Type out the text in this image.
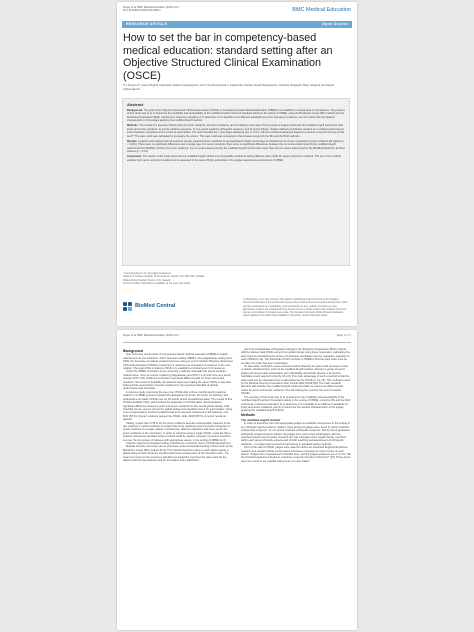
Dwyer et al. BMC Medical Education (2016) 16:1
DOI 10.1186/s12909-015-0506-z	BMC Medical Education
RESEARCH ARTICLE	Open Access
How to set the bar in competency-based medical education: standard setting after an Objective Structured Clinical Examination (OSCE)
Tim Dwyer1,2*, Sarah Wright3, Kulamakan Mahan Kulasegaram4, John Theodoropoulos1,2, Jaskarndip Chahal1, David Wasserstein1, Charlotte Ringsted4, Brian Hodges3 and Darrell Ogilvie-Harris1
Abstract
Background: The goal of the Objective Structured Clinical Examination (OSCE) in Competency-based Medical Education (CBME) is to establish a minimal level of competence. The purpose of this study was to 1) to determine the credibility and acceptability of the modified Angoff method of standard setting in the setting of CBME, using the Borderline Group (BG) method and the Borderline Regression (BLR) method as a reference standard; 2) to determine if it is feasible to set different standards for junior and senior residents, and 3) to determine the desired characteristics of the judges applying the modified Angoff method.
Methods: The results of a previous OSCE study (21 junior residents, 18 senior residents, and six fellows) were used. Three groups of judges performed the modified Angoff method for both junior and senior residents: 1) sports medicine surgeons, 2) non-sports medicine orthopedic surgeons, and 3) sports fellows. Judges defined a borderline resident as a resident performing at a level between competent and a novice at each station. For each checklist item, the judges answered yes or no for "will the borderline/advanced beginner examinee respond correctly to this item?" The pass mark was calculated by averaging the scores. This pass mark was compared to that created using both the BG and the BLR methods.
Results: A paired t-test showed that all examiner groups expected senior residents to get significantly higher percentage of checklist items correct compared to junior residents (all stations p < 0.001). There were no significant differences due to judge type. For senior residents, there were no significant differences between the cut scores determined by the modified Angoff method and the BG/BLR method. For junior residents, the cut scores determined by the modified Angoff method were lower than the cut scores determined by the BG/BLR Method in all three stations (p < 0.01).
Conclusion: The results of this study show that the modified Angoff method is an acceptable method of setting different pass marks for senior and junior residents. The use of this method enables both senior and junior residents to be assessed in the same OSCE, preferable in the regular assessment environment of CBME.
* Correspondence: tim.dwyer@wchospital.ca
1Women's College Hospital, 76 Grenville St, Toronto, ON, M5S 1B2, Canada
2Mount Sinai Hospital, Toronto, ON, Canada
Full list of author information is available at the end of the article
BioMed Central
© 2016 Dwyer et al. Open Access This article is distributed under the terms of the Creative Commons Attribution 4.0 International License (http://creativecommons.org/licenses/by/4.0/), which permits unrestricted use, distribution, and reproduction in any medium, provided you give appropriate credit to the original author(s) and the source, provide a link to the Creative Commons license, and indicate if changes were made. The Creative Commons Public Domain Dedication waiver applies to the data made available in this article, unless otherwise stated.
Dwyer et al. BMC Medical Education (2016) 16:1	Page 2 of 7
Background

One of the key components of competency-based medical education (CBME) is regular assessment. As our institution, which has been trialing CBME in its postgraduate setting since 2009, the decrease of endless product has been using an end of rotation Objective Structured Clinical Examination (OSCE) to determine if residents are competent to progress to the next rotation. The goal of this in-training OSCE is to establish a minimal level of competence.

Under the CBME curriculum at our university, residents undertake the sports medicine rotation twice, once as a junior resident (postgraduate year (PGY) 1–3) and once as a senior resident (PGY 4/5). While the curriculum may detail different goals for junior and senior residents, the issues of feasibility all residents have been taking the same OSCE. It was also believed that expectations of senior residents by the expected standard of clinical performance was important.

A previous study examining the use of an OSCE after a three months sports medicine rotation in a CBME program resulted 45 participants (21 junior, 18 senior, six fellows), who undertook a six station OSCE over an 18-month period (unpublished data). The results of this OSCE (reliability 0.81), which looked the application of clinical skills, demonstrated a significant difference between junior and senior residents for the overall global ratings, total checklist scores, and as well as the global ratings and checklist scores for each station. Using a non-compensatory method (residents had to be deemed competent in 4/6 stations), only 8/21 (38 %) of junior residents passed the OSCE, while 16/18 (89 %) of senior residents passed.

Clearly, a pass rate of 38 % for the junior residents appears unacceptable, believed in the two rotations in sports medicine is a belief that junior residents cannot become competent in sports medicine in a single rotation. Furthermore, different objectives had been set for the junior residents vs the curriculum. In order to continue using a single OSCE, it was felt that a criterion-referenced standard setting method could be applied, whereby cut-scores would be set over the two groups of trainees with appropriate values, in the setting of CBME [1–5].

Criterion-referenced standard setting methods are commonly used in OSCE development.

Medical schools commonly use an examinee-centered standard setting method such as the Borderline Group (BG) method [6–8]. This method therefore relies on each station giving a global rating of each student's overall performance independent of the checklist mark – the mean test score for the examinee identified as borderline becomes the pass mark for the station and how the passing mark for the station was established.

(such as postgraduate orthopaedic training) is the Borderline Regression (BLR) method, which produces total OSCE scores from global ratings using linear regression, calculating the pass mark by substituting the scores of borderline candidates into the regression equation for each OSCE [9–12]. The downside of both methods in CBME is that the pass mark must be set after the exam has been undertaken.

An alternative method is a test-centered method whereby the pass mark is based on how or station characteristics, such as the modified Angoff method, whereby a group of expert judges will review each examination item individually and decide whether a borderline candidate would respond correctly [13–16]. The main advantage of such a method is that the pass mark can be calculated prior to administering the OSCE [4, 13, 16]. This method is used by the Medical Council of Canada in their clinical skills OSCE [18]. The main research question was whether the modified Angoff could potentially be used to set different pass marks for junior and senior residents, thus eliminating the need for two sets of rotation OSCEs.

The purpose of this study was to 1) to determine the credibility and acceptability of the modified Angoff method of standard setting in the setting of CBME, using the BG and the BLR method as a reference standard; 2) to determine if it is feasible to set different standards for junior and senior residents, and 3) to determine the desired characteristics of the judges applying the modified Angoff method.

Methods
The modified Angoff method

In order to determine the most appropriate judges to establish competence in the setting of an orthopedic sports medicine rotation, three groups of judges were used: 1) sports medicine subspecialty surgeons, 2) non-sports medicine orthopedic surgeons, and 3) recent graduated orthopedic surgeons/sports fellows. Six judges from each group participated, with five members based upon previous research [17–19]. All judges were regular faculty members within each group of faculty experienced of both teaching and assessment of orthopedic residents – no judge had received formal training in standard setting methods.

Prior to the start of OSCE, judges were asked to define an advanced beginner/borderline resident as a resident whose performance is between competence and a novice at each station. Judges then reviewed each checklist item, and the judges answered yes or no for "will the borderline/advanced beginner examinee respond correctly to this item?" [20]. These items were then used to set a global rating score for each station.
